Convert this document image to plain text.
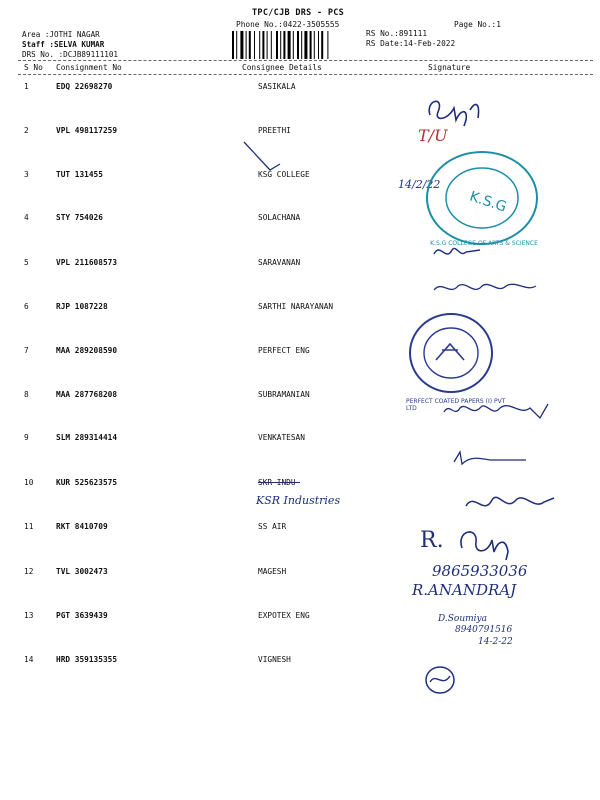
TPC/CJB DRS - PCS
Phone No.:0422-3505555	Page No.:1
Area :JOTHI NAGAR
Staff :SELVA KUMAR
DRS No. :DCJB89111101
RS No.:891111
RS Date:14-Feb-2022
S No Consignment No	Consignee Details	Signature
1	EDQ 22698270	SASIKALA
2	VPL 498117259	PREETHI
3	TUT 131455	KSG COLLEGE
4	STY 754026	SOLACHANA
5	VPL 211608573	SARAVANAN
6	RJP 1087228	SARTHI NARAYANAN
7	MAA 289208590	PERFECT ENG
8	MAA 287768208	SUBRAMANIAN
9	SLM 289314414	VENKATESAN
10	KUR 525623575	SKR INDU
11	RKT 8410709	SS AIR
12	TVL 3002473	MAGESH
13	PGT 3639439	EXPOTEX ENG
14	HRD 359135355	VIGNESH
T/U
14/2/22
K.S.G
K.S.G COLLEGE OF ARTS & SCIENCE
PERFECT COATED PAPERS (I) PVT LTD
KSR Industries
R.
9865933036
R.ANANDRAJ
D.Soumiya
8940791516
14-2-22
